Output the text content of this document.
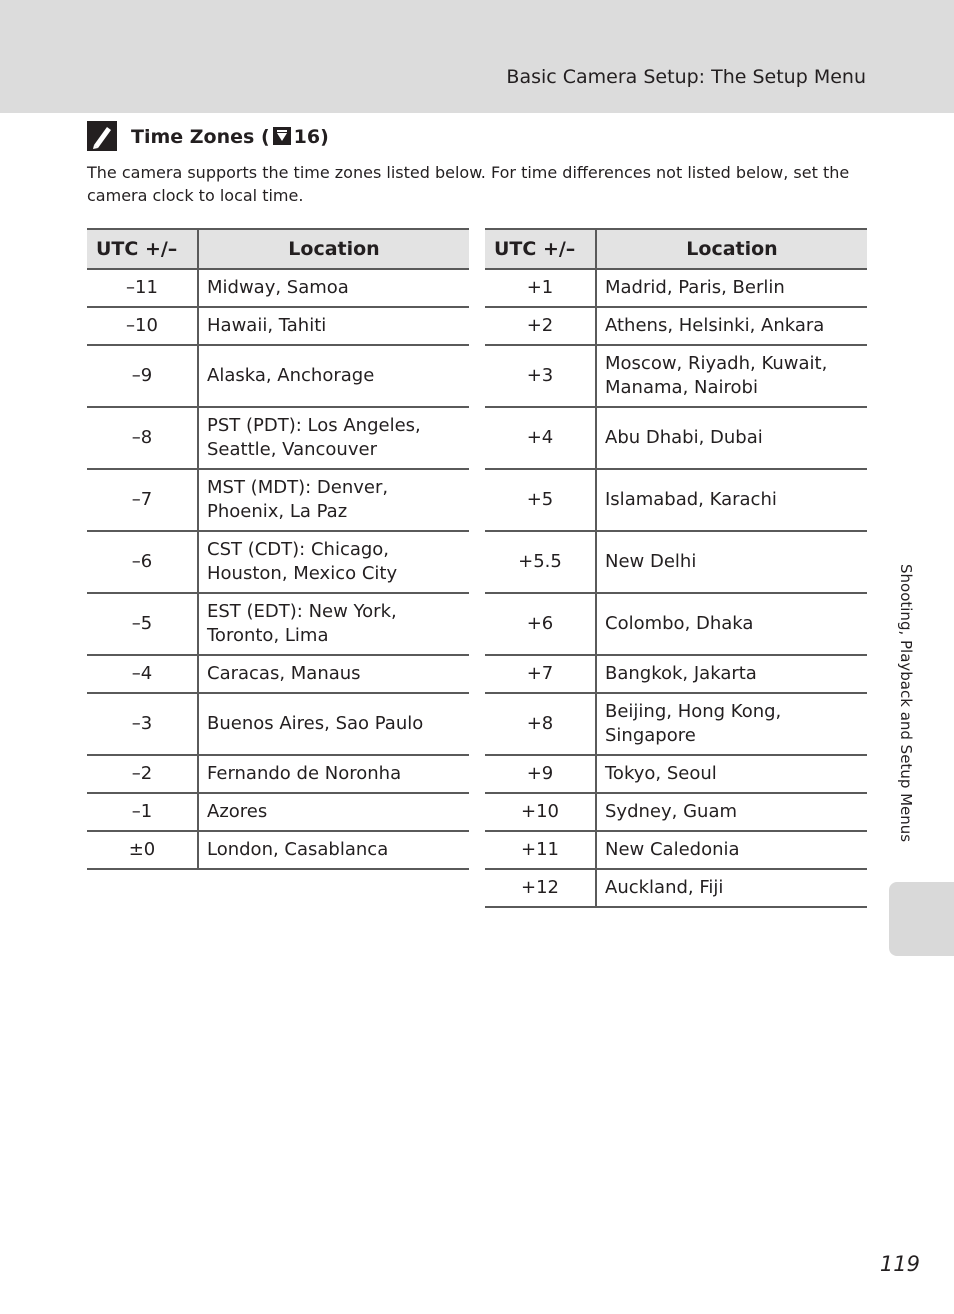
Basic Camera Setup: The Setup Menu
Time Zones ( 16)
The camera supports the time zones listed below. For time differences not listed below, set the camera clock to local time.
UTC +/–	Location
–11	Midway, Samoa
–10	Hawaii, Tahiti
–9	Alaska, Anchorage
–8	PST (PDT): Los Angeles, Seattle, Vancouver
–7	MST (MDT): Denver, Phoenix, La Paz
–6	CST (CDT): Chicago, Houston, Mexico City
–5	EST (EDT): New York, Toronto, Lima
–4	Caracas, Manaus
–3	Buenos Aires, Sao Paulo
–2	Fernando de Noronha
–1	Azores
±0	London, Casablanca
UTC +/–	Location
+1	Madrid, Paris, Berlin
+2	Athens, Helsinki, Ankara
+3	Moscow, Riyadh, Kuwait, Manama, Nairobi
+4	Abu Dhabi, Dubai
+5	Islamabad, Karachi
+5.5	New Delhi
+6	Colombo, Dhaka
+7	Bangkok, Jakarta
+8	Beijing, Hong Kong, Singapore
+9	Tokyo, Seoul
+10	Sydney, Guam
+11	New Caledonia
+12	Auckland, Fiji
Shooting, Playback and Setup Menus
119
